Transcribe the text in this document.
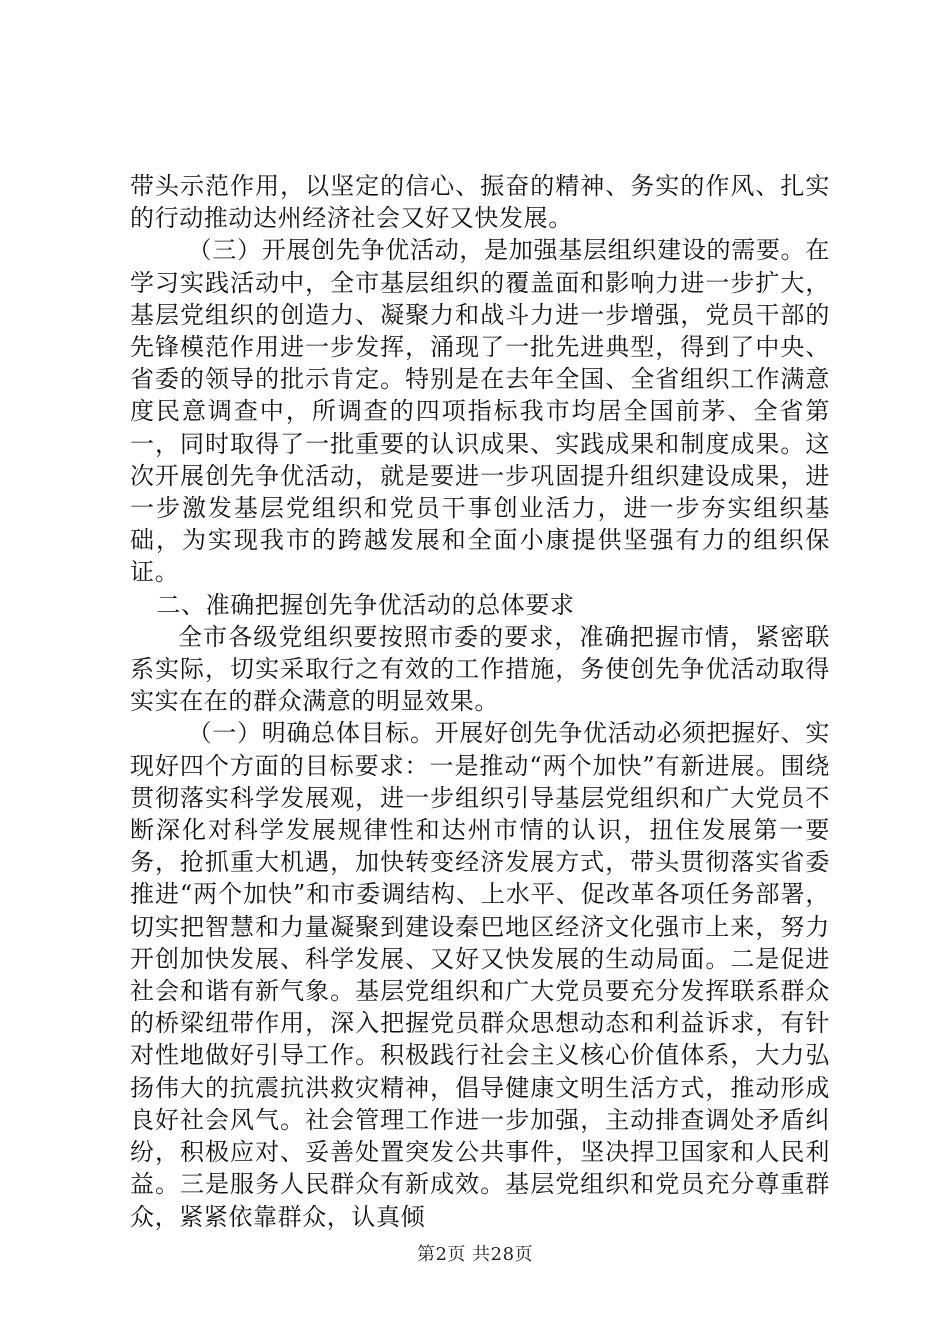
带头示范作用，以坚定的信心、振奋的精神、务实的作风、扎实的行动推动达州经济社会又好又快发展。

（三）开展创先争优活动，是加强基层组织建设的需要。在学习实践活动中，全市基层组织的覆盖面和影响力进一步扩大，基层党组织的创造力、凝聚力和战斗力进一步增强，党员干部的先锋模范作用进一步发挥，涌现了一批先进典型，得到了中央、省委的领导的批示肯定。特别是在去年全国、全省组织工作满意度民意调查中，所调查的四项指标我市均居全国前茅、全省第一，同时取得了一批重要的认识成果、实践成果和制度成果。这次开展创先争优活动，就是要进一步巩固提升组织建设成果，进一步激发基层党组织和党员干事创业活力，进一步夯实组织基础，为实现我市的跨越发展和全面小康提供坚强有力的组织保证。

二、准确把握创先争优活动的总体要求

全市各级党组织要按照市委的要求，准确把握市情，紧密联系实际，切实采取行之有效的工作措施，务使创先争优活动取得实实在在的群众满意的明显效果。

（一）明确总体目标。开展好创先争优活动必须把握好、实现好四个方面的目标要求：一是推动“两个加快”有新进展。围绕贯彻落实科学发展观，进一步组织引导基层党组织和广大党员不断深化对科学发展规律性和达州市情的认识，扭住发展第一要务，抢抓重大机遇，加快转变经济发展方式，带头贯彻落实省委推进“两个加快”和市委调结构、上水平、促改革各项任务部署，切实把智慧和力量凝聚到建设秦巴地区经济文化强市上来，努力开创加快发展、科学发展、又好又快发展的生动局面。二是促进社会和谐有新气象。基层党组织和广大党员要充分发挥联系群众的桥梁纽带作用，深入把握党员群众思想动态和利益诉求，有针对性地做好引导工作。积极践行社会主义核心价值体系，大力弘扬伟大的抗震抗洪救灾精神，倡导健康文明生活方式，推动形成良好社会风气。社会管理工作进一步加强，主动排查调处矛盾纠纷，积极应对、妥善处置突发公共事件，坚决捍卫国家和人民利益。三是服务人民群众有新成效。基层党组织和党员充分尊重群众，紧紧依靠群众，认真倾

第2页 共28页
